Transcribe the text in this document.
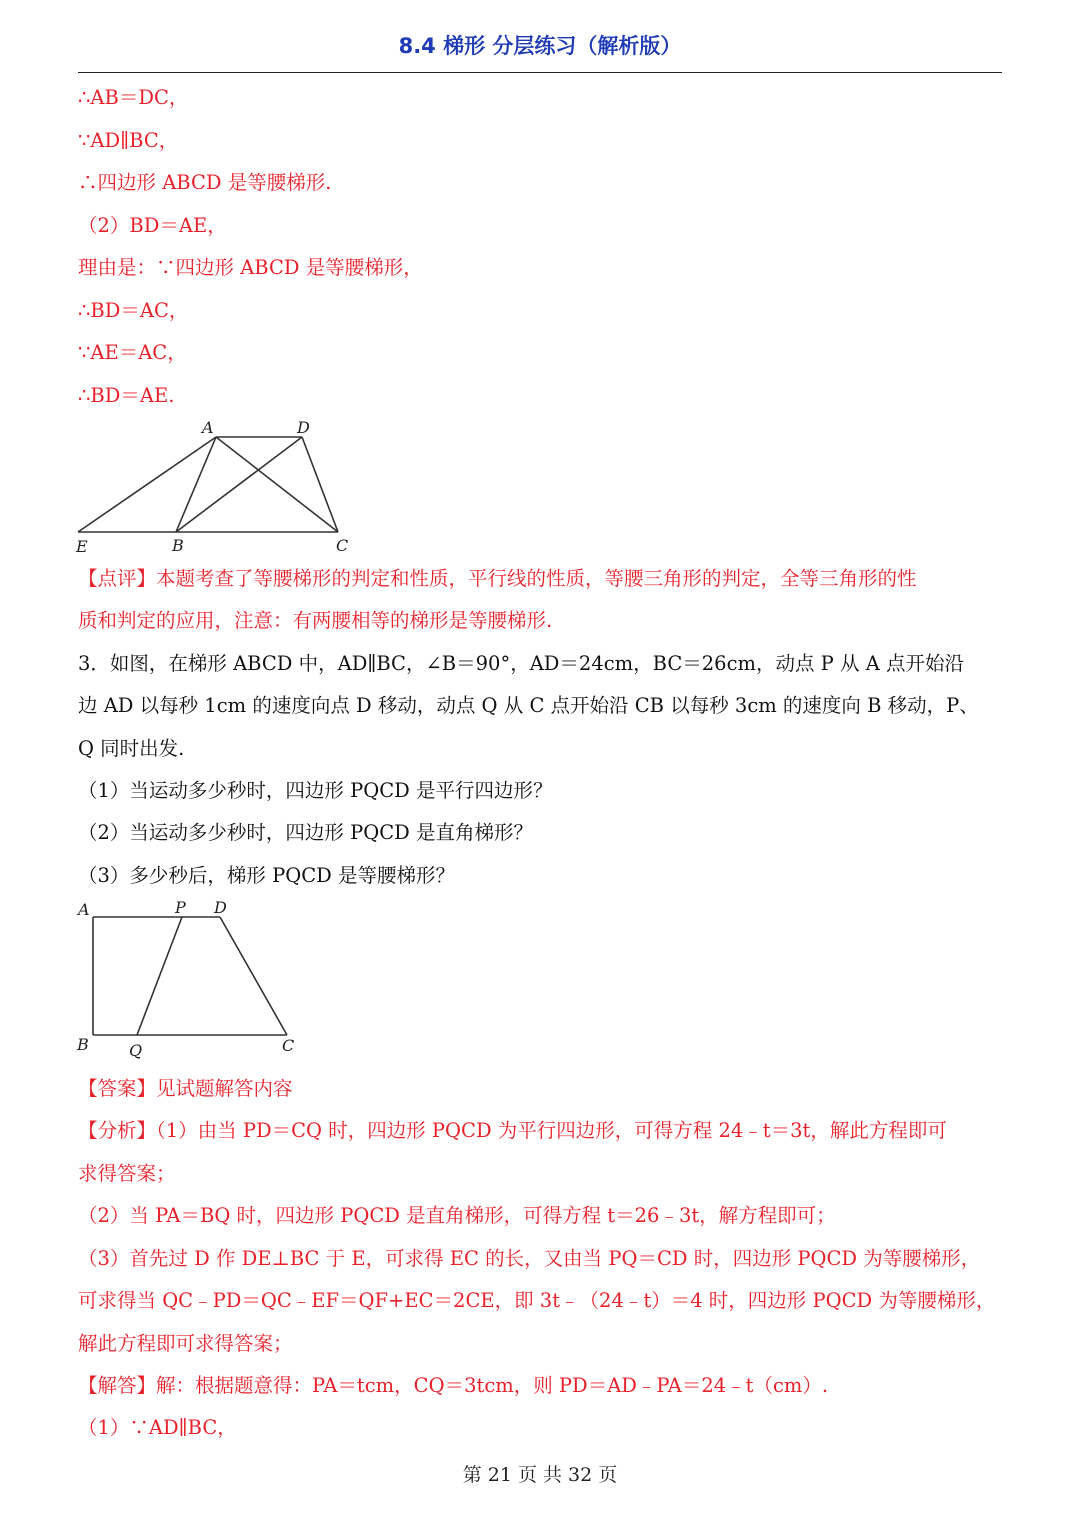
8.4 梯形 分层练习（解析版）
∴AB＝DC，
∵AD∥BC，
∴四边形 ABCD 是等腰梯形.
（2）BD＝AE，
理由是：∵四边形 ABCD 是等腰梯形，
∴BD＝AC，
∵AE＝AC，
∴BD＝AE.
A	D
E	B	C
【点评】本题考查了等腰梯形的判定和性质，平行线的性质，等腰三角形的判定，全等三角形的性
质和判定的应用，注意：有两腰相等的梯形是等腰梯形.
3．如图，在梯形 ABCD 中，AD∥BC，∠B＝90°，AD＝24cm，BC＝26cm，动点 P 从 A 点开始沿
边 AD 以每秒 1cm 的速度向点 D 移动，动点 Q 从 C 点开始沿 CB 以每秒 3cm 的速度向 B 移动，P、
Q 同时出发.
（1）当运动多少秒时，四边形 PQCD 是平行四边形？
（2）当运动多少秒时，四边形 PQCD 是直角梯形？
（3）多少秒后，梯形 PQCD 是等腰梯形？
A	P D
B	Q	C
【答案】见试题解答内容
【分析】（1）由当 PD＝CQ 时，四边形 PQCD 为平行四边形，可得方程 24﹣t＝3t，解此方程即可
求得答案；
（2）当 PA＝BQ 时，四边形 PQCD 是直角梯形，可得方程 t＝26﹣3t，解方程即可；
（3）首先过 D 作 DE⊥BC 于 E，可求得 EC 的长，又由当 PQ＝CD 时，四边形 PQCD 为等腰梯形，
可求得当 QC﹣PD＝QC﹣EF＝QF+EC＝2CE，即 3t﹣（24﹣t）＝4 时，四边形 PQCD 为等腰梯形，
解此方程即可求得答案；
【解答】解：根据题意得：PA＝tcm，CQ＝3tcm，则 PD＝AD﹣PA＝24﹣t（cm）.
（1）∵AD∥BC，
第 21 页 共 32 页
